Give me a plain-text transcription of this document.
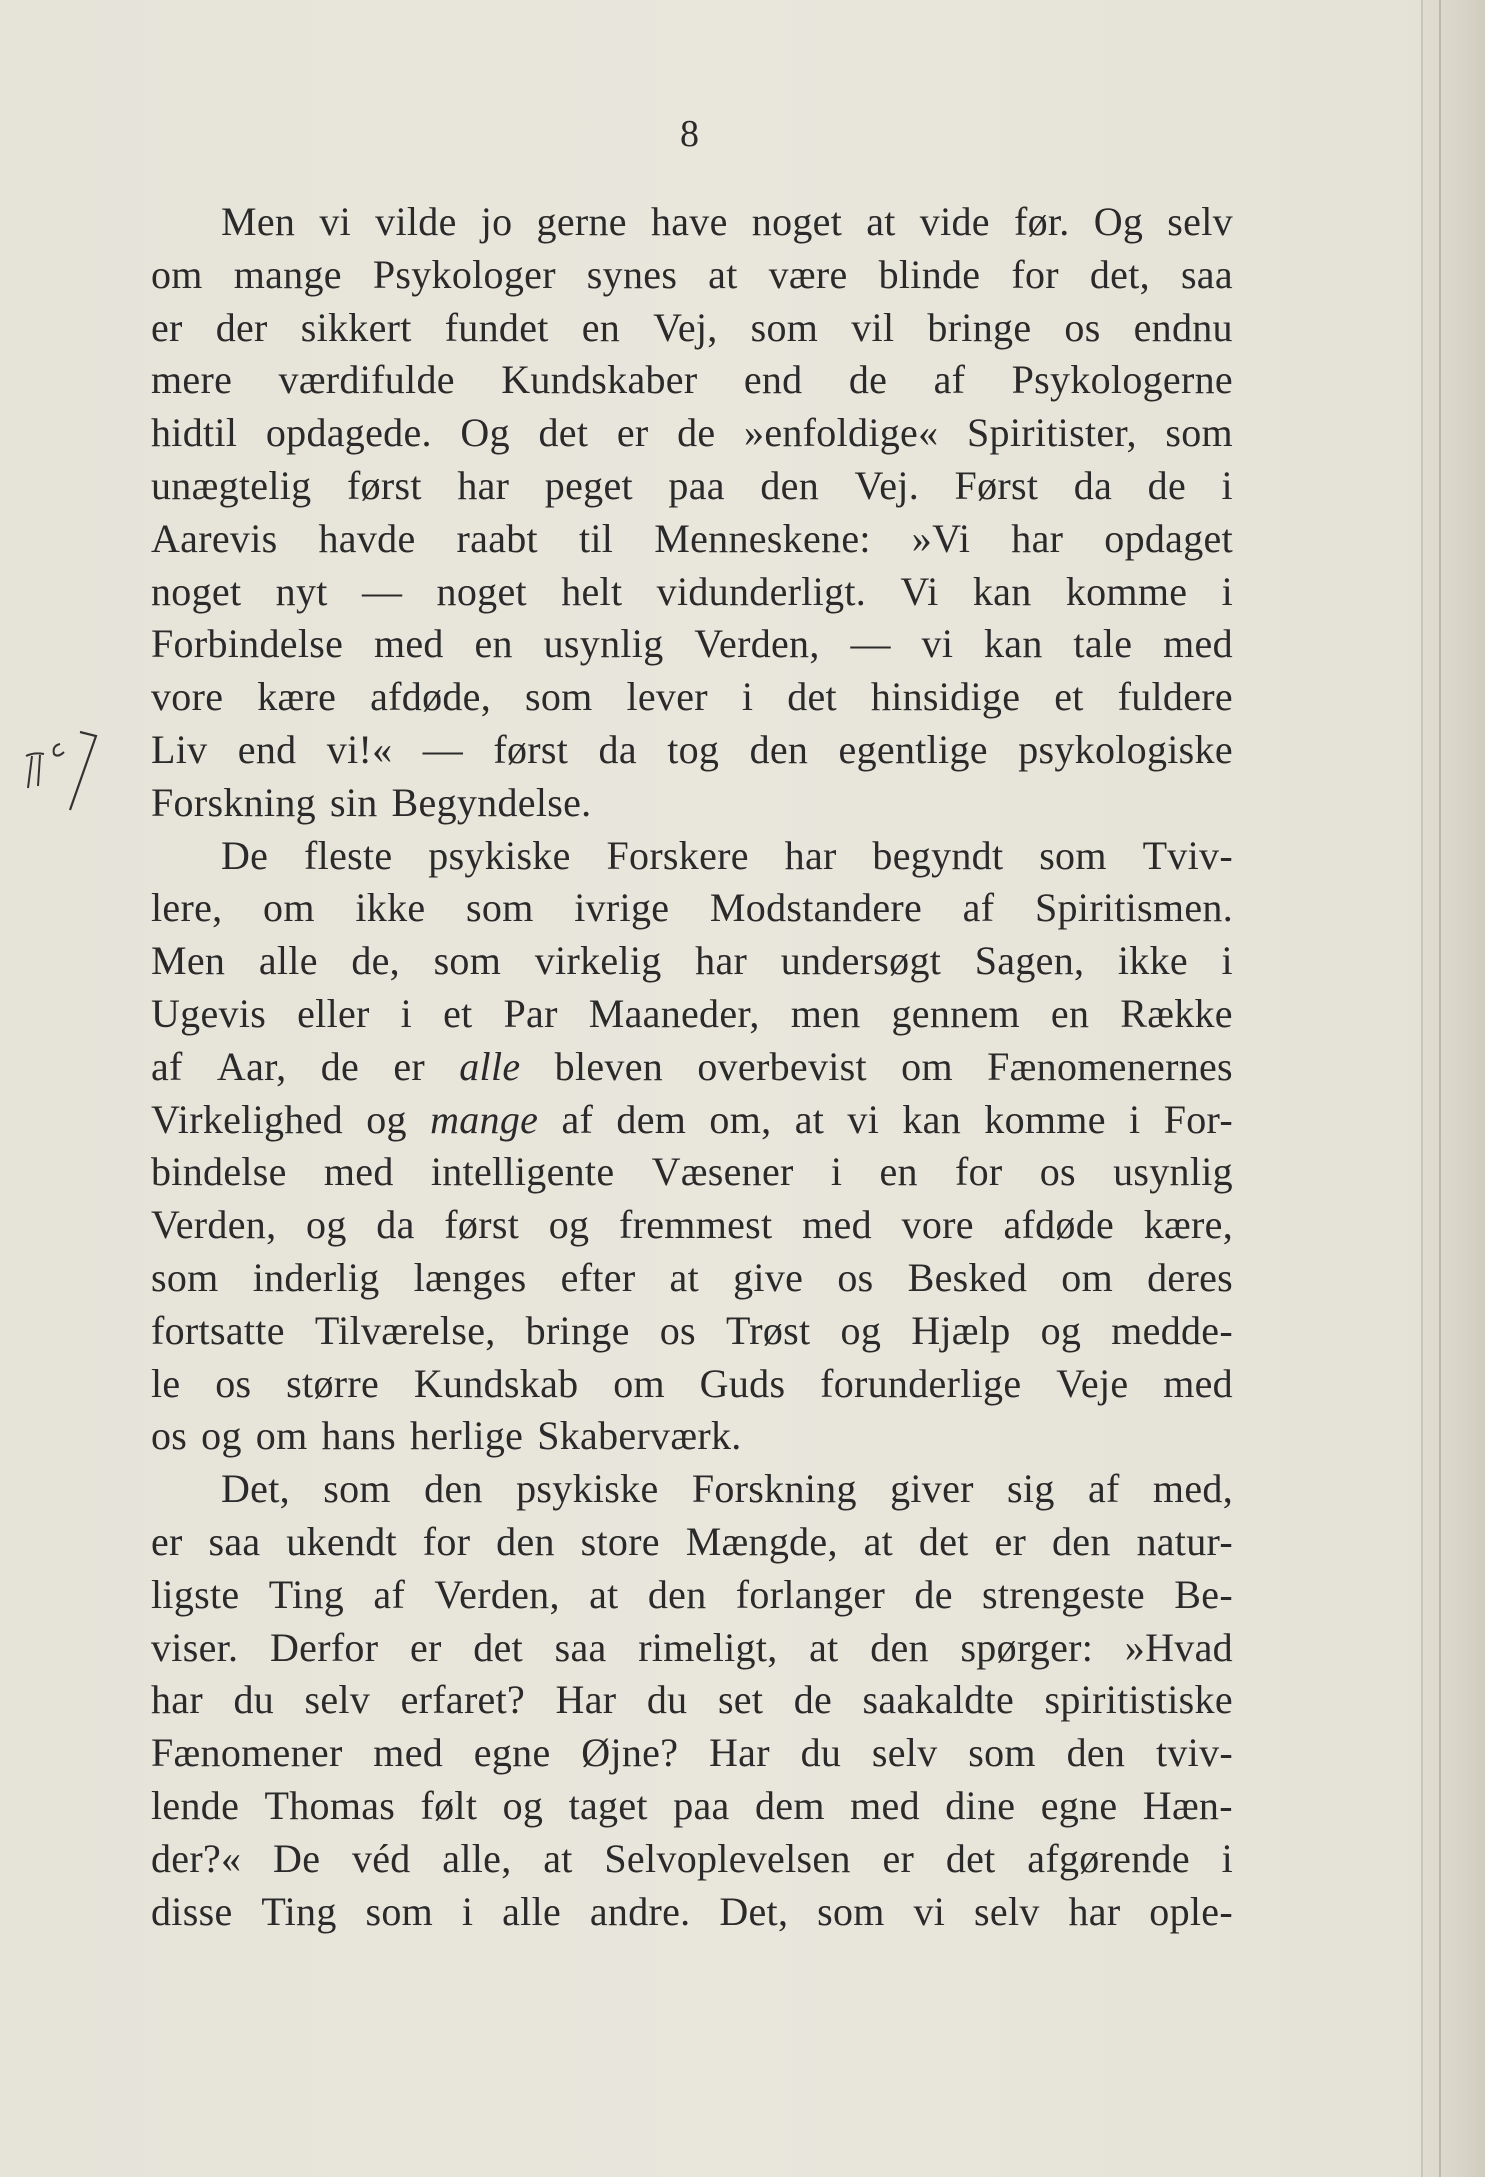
8
Men vi vilde jo gerne have noget at vide før. Og selv
om mange Psykologer synes at være blinde for det, saa
er der sikkert fundet en Vej, som vil bringe os endnu
mere værdifulde Kundskaber end de af Psykologerne
hidtil opdagede. Og det er de »enfoldige« Spiritister, som
unægtelig først har peget paa den Vej. Først da de i
Aarevis havde raabt til Menneskene: »Vi har opdaget
noget nyt — noget helt vidunderligt. Vi kan komme i
Forbindelse med en usynlig Verden, — vi kan tale med
vore kære afdøde, som lever i det hinsidige et fuldere
Liv end vi!« — først da tog den egentlige psykologiske
Forskning sin Begyndelse.
De fleste psykiske Forskere har begyndt som Tviv-
lere, om ikke som ivrige Modstandere af Spiritismen.
Men alle de, som virkelig har undersøgt Sagen, ikke i
Ugevis eller i et Par Maaneder, men gennem en Række
af Aar, de er alle bleven overbevist om Fænomenernes
Virkelighed og mange af dem om, at vi kan komme i For-
bindelse med intelligente Væsener i en for os usynlig
Verden, og da først og fremmest med vore afdøde kære,
som inderlig længes efter at give os Besked om deres
fortsatte Tilværelse, bringe os Trøst og Hjælp og medde-
le os større Kundskab om Guds forunderlige Veje med
os og om hans herlige Skaberværk.
Det, som den psykiske Forskning giver sig af med,
er saa ukendt for den store Mængde, at det er den natur-
ligste Ting af Verden, at den forlanger de strengeste Be-
viser. Derfor er det saa rimeligt, at den spørger: »Hvad
har du selv erfaret? Har du set de saakaldte spiritistiske
Fænomener med egne Øjne? Har du selv som den tviv-
lende Thomas følt og taget paa dem med dine egne Hæn-
der?« De véd alle, at Selvoplevelsen er det afgørende i
disse Ting som i alle andre. Det, som vi selv har ople-
